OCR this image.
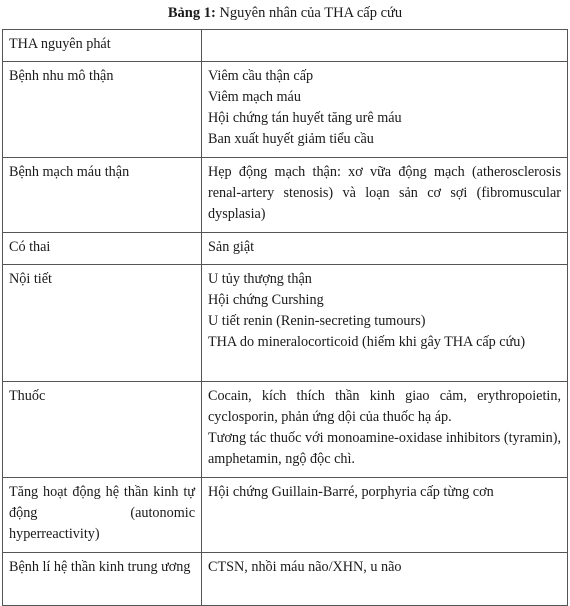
Bảng 1: Nguyên nhân của THA cấp cứu
THA nguyên phát	
Bệnh nhu mô thận	Viêm cầu thận cấp
Viêm mạch máu
Hội chứng tán huyết tăng urê máu
Ban xuất huyết giảm tiểu cầu

Bệnh mạch máu thận	Hẹp động mạch thận: xơ vữa động mạch (atherosclerosis renal-artery stenosis) và loạn sản cơ sợi (fibromuscular dysplasia)

Có thai	Sản giật

Nội tiết	U tủy thượng thận
Hội chứng Curshing
U tiết renin (Renin-secreting tumours)
THA do mineralocorticoid (hiếm khi gây THA cấp cứu)

Thuốc	Cocain, kích thích thần kinh giao cảm, erythropoietin, cyclosporin, phản ứng dội của thuốc hạ áp.
Tương tác thuốc với monoamine-oxidase inhibitors (tyramin), amphetamin, ngộ độc chì.

Tăng hoạt động hệ thần kinh tự động (autonomic hyperreactivity)	Hội chứng Guillain-Barré, porphyria cấp từng cơn

Bệnh lí hệ thần kinh trung ương	CTSN, nhồi máu não/XHN, u não
